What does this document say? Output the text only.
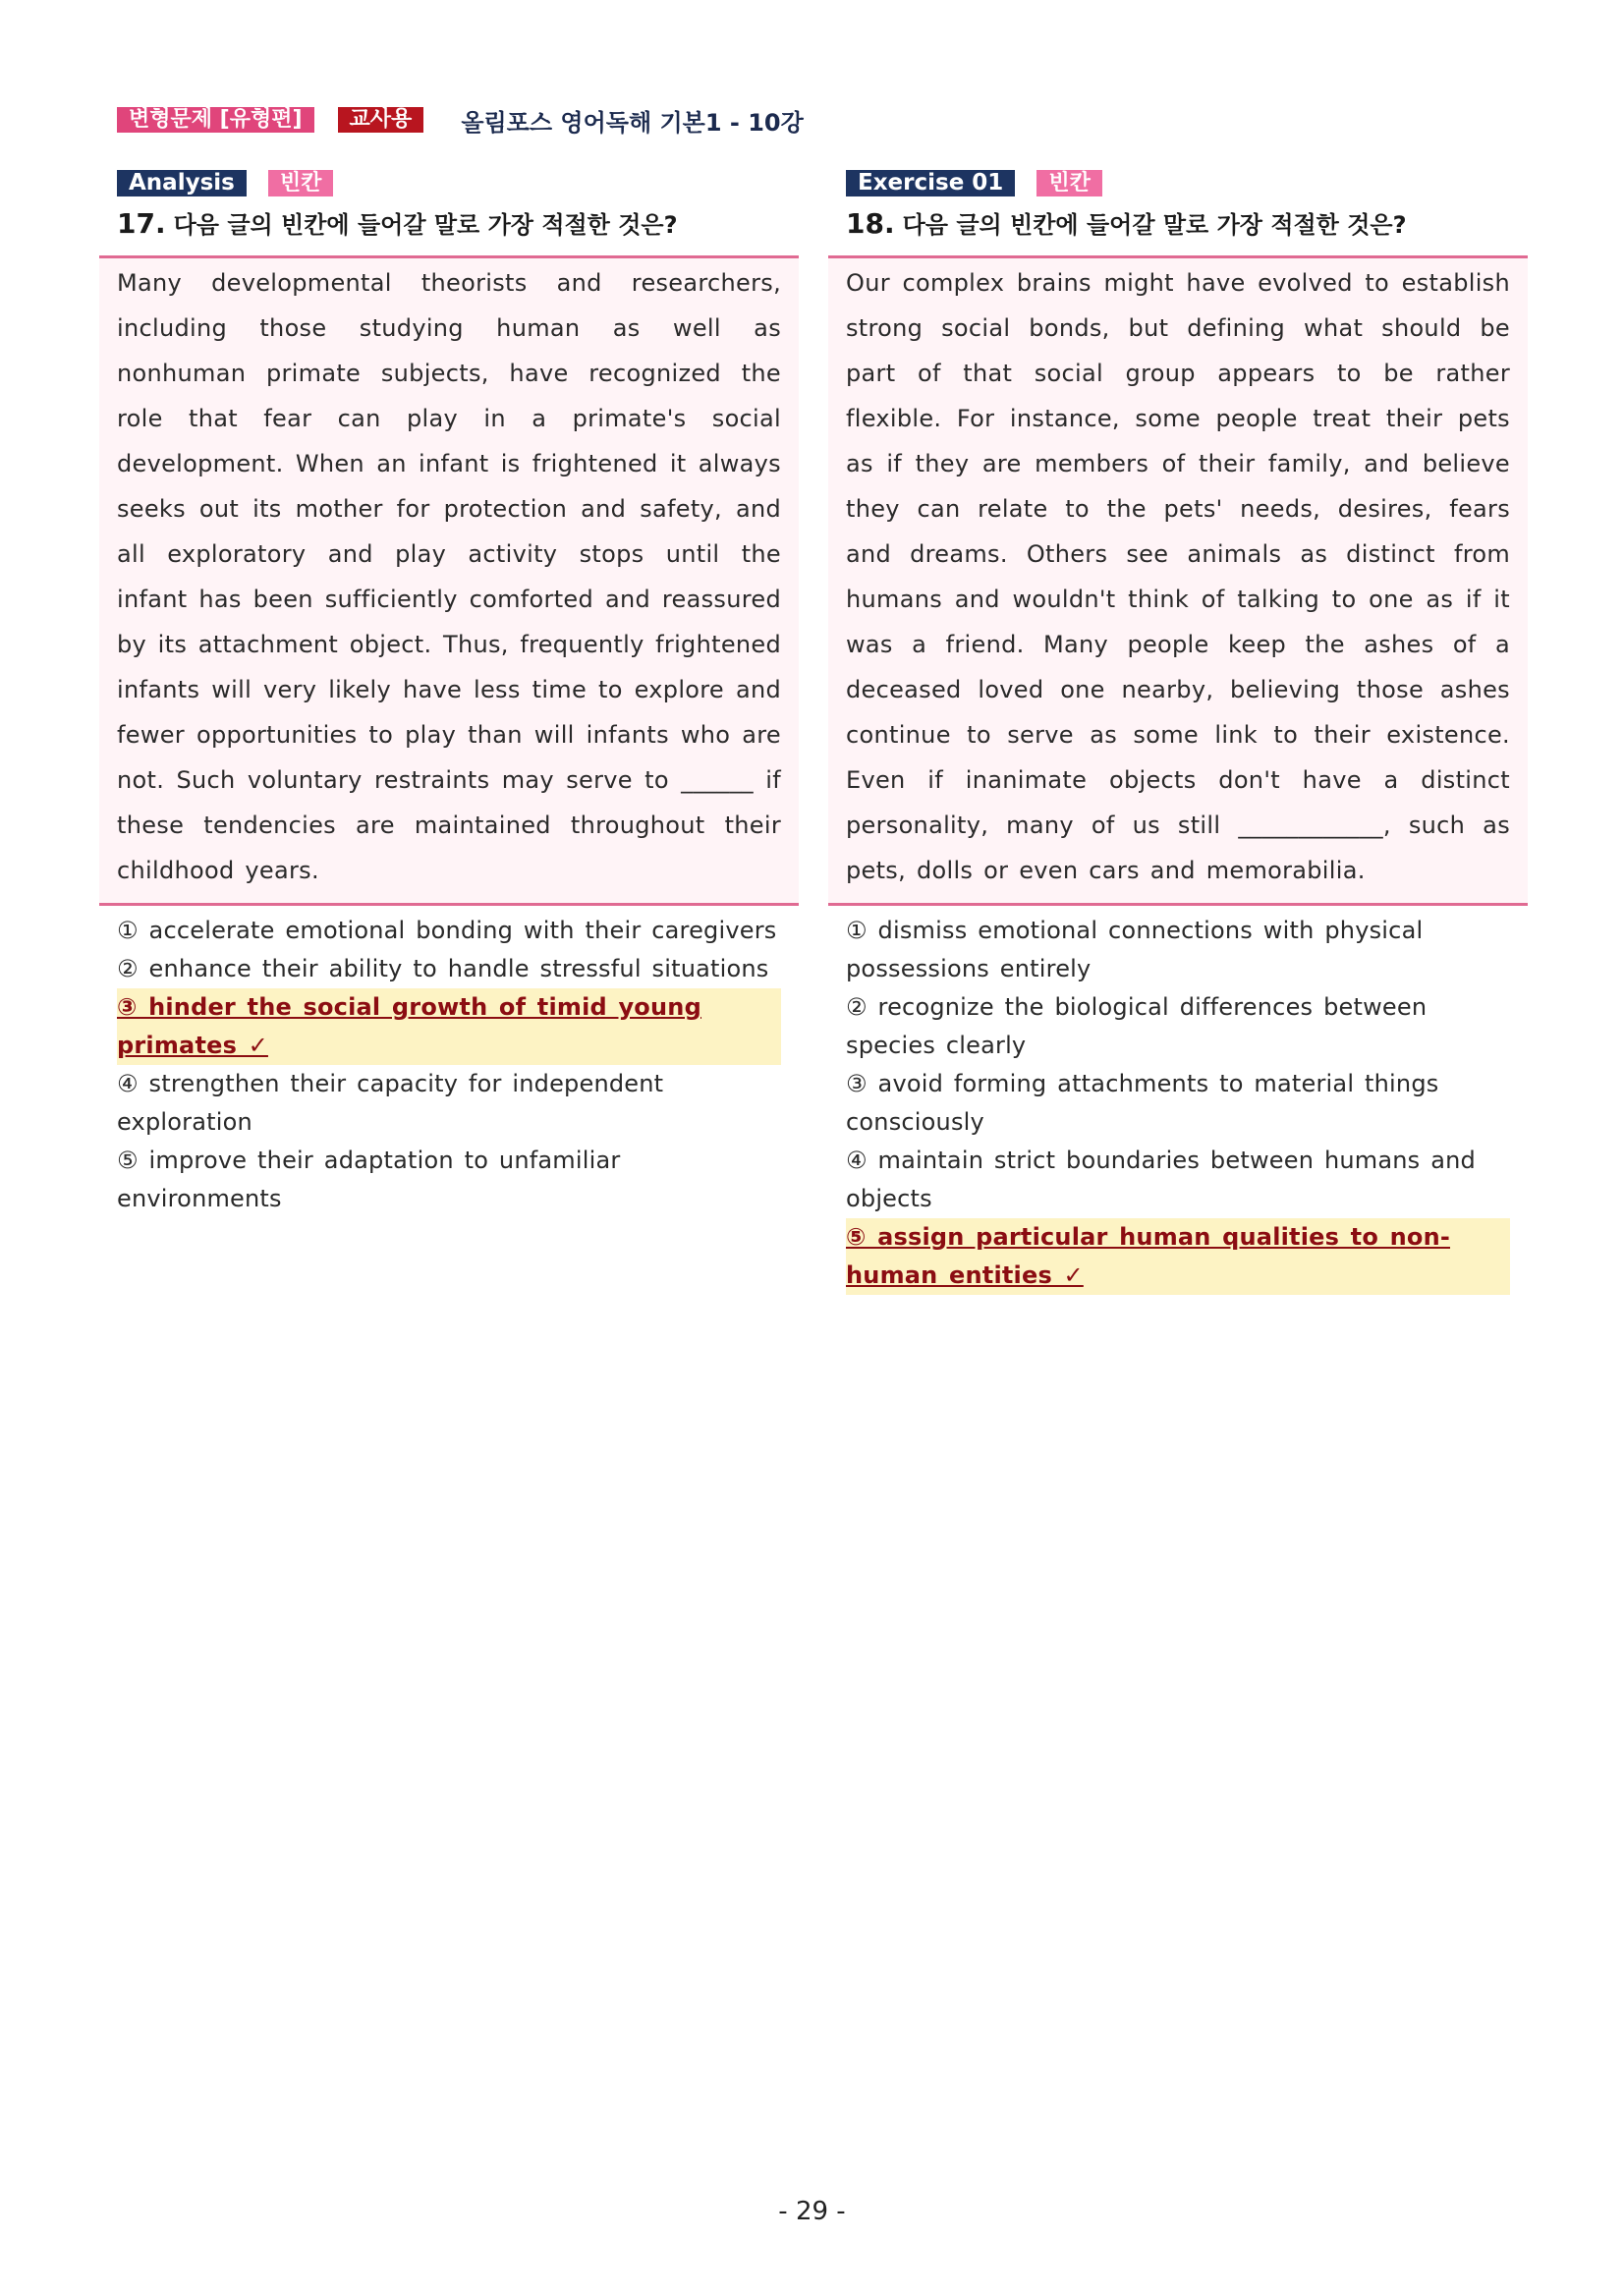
변형문제 [유형편]	교사용	올림포스 영어독해 기본1 - 10강
Analysis	빈칸
17. 다음 글의 빈칸에 들어갈 말로 가장 적절한 것은?
Many developmental theorists and researchers, including those studying human as well as nonhuman primate subjects, have recognized the role that fear can play in a primate's social development. When an infant is frightened it always seeks out its mother for protection and safety, and all exploratory and play activity stops until the infant has been sufficiently comforted and reassured by its attachment object. Thus, frequently frightened infants will very likely have less time to explore and fewer opportunities to play than will infants who are not. Such voluntary restraints may serve to ______ if these tendencies are maintained throughout their childhood years.
① accelerate emotional bonding with their caregivers
② enhance their ability to handle stressful situations
③ hinder the social growth of timid young primates ✓
④ strengthen their capacity for independent exploration
⑤ improve their adaptation to unfamiliar environments
Exercise 01	빈칸
18. 다음 글의 빈칸에 들어갈 말로 가장 적절한 것은?
Our complex brains might have evolved to establish strong social bonds, but defining what should be part of that social group appears to be rather flexible. For instance, some people treat their pets as if they are members of their family, and believe they can relate to the pets' needs, desires, fears and dreams. Others see animals as distinct from humans and wouldn't think of talking to one as if it was a friend. Many people keep the ashes of a deceased loved one nearby, believing those ashes continue to serve as some link to their existence. Even if inanimate objects don't have a distinct personality, many of us still ____________, such as pets, dolls or even cars and memorabilia.
① dismiss emotional connections with physical possessions entirely
② recognize the biological differences between species clearly
③ avoid forming attachments to material things consciously
④ maintain strict boundaries between humans and objects
⑤ assign particular human qualities to non-human entities ✓
- 29 -
